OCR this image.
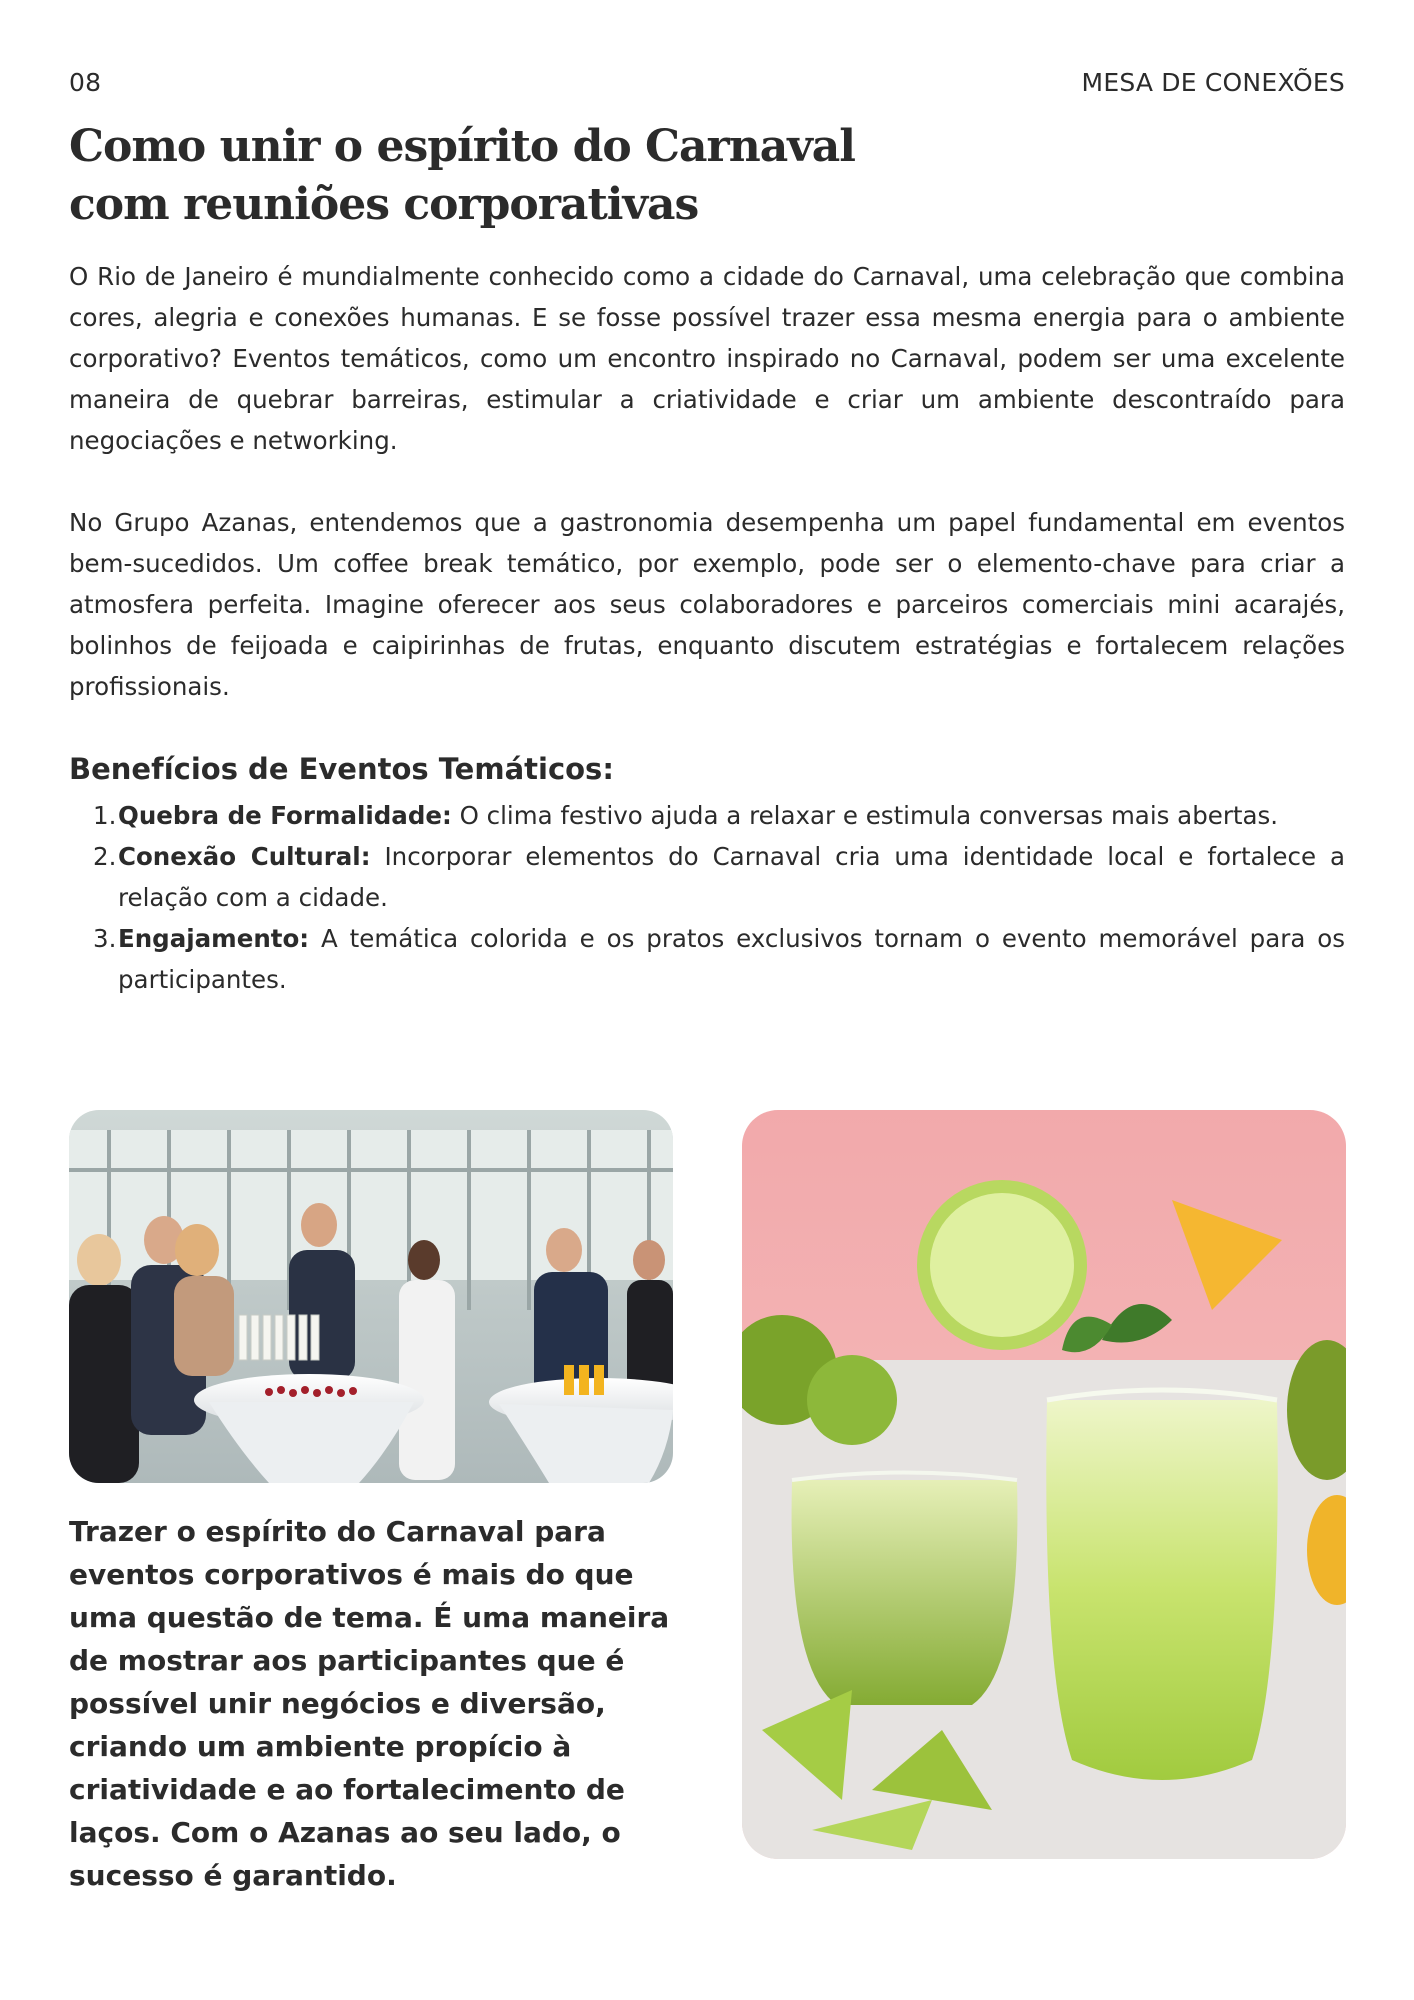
08	MESA DE CONEXÕES
Como unir o espírito do Carnaval com reuniões corporativas

O Rio de Janeiro é mundialmente conhecido como a cidade do Carnaval, uma celebração que combina cores, alegria e conexões humanas. E se fosse possível trazer essa mesma energia para o ambiente corporativo? Eventos temáticos, como um encontro inspirado no Carnaval, podem ser uma excelente maneira de quebrar barreiras, estimular a criatividade e criar um ambiente descontraído para negociações e networking.

No Grupo Azanas, entendemos que a gastronomia desempenha um papel fundamental em eventos bem-sucedidos. Um coffee break temático, por exemplo, pode ser o elemento-chave para criar a atmosfera perfeita. Imagine oferecer aos seus colaboradores e parceiros comerciais mini acarajés, bolinhos de feijoada e caipirinhas de frutas, enquanto discutem estratégias e fortalecem relações profissionais.

Benefícios de Eventos Temáticos:
1. Quebra de Formalidade: O clima festivo ajuda a relaxar e estimula conversas mais abertas.
2. Conexão Cultural: Incorporar elementos do Carnaval cria uma identidade local e fortalece a relação com a cidade.
3. Engajamento: A temática colorida e os pratos exclusivos tornam o evento memorável para os participantes.

Trazer o espírito do Carnaval para eventos corporativos é mais do que uma questão de tema. É uma maneira de mostrar aos participantes que é possível unir negócios e diversão, criando um ambiente propício à criatividade e ao fortalecimento de laços. Com o Azanas ao seu lado, o sucesso é garantido.
